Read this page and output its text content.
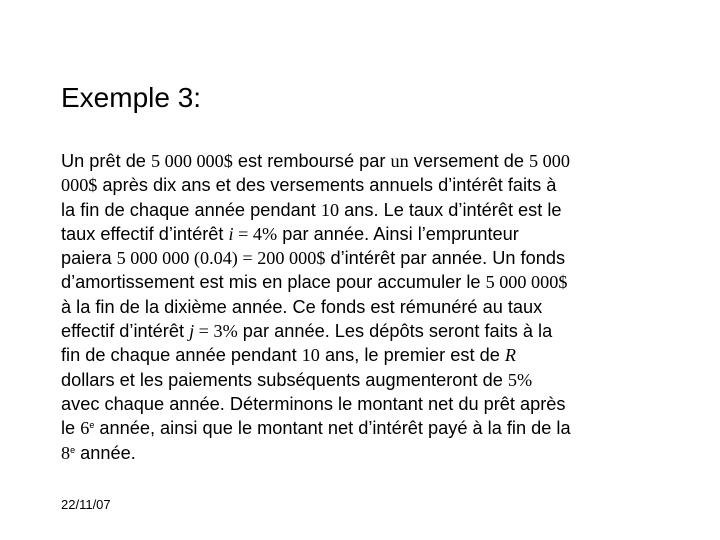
Exemple 3:
Un prêt de 5 000 000$ est remboursé par un versement de 5 000
000$ après dix ans et des versements annuels d’intérêt faits à
la fin de chaque année pendant 10 ans. Le taux d’intérêt est le
taux effectif d’intérêt i = 4% par année. Ainsi l’emprunteur
paiera 5 000 000 (0.04) = 200 000$ d’intérêt par année. Un fonds
d’amortissement est mis en place pour accumuler le 5 000 000$
à la fin de la dixième année. Ce fonds est rémunéré au taux
effectif d’intérêt j = 3% par année. Les dépôts seront faits à la
fin de chaque année pendant 10 ans, le premier est de R
dollars et les paiements subséquents augmenteront de 5%
avec chaque année. Déterminons le montant net du prêt après
le 6e année, ainsi que le montant net d’intérêt payé à la fin de la
8e année.
22/11/07
